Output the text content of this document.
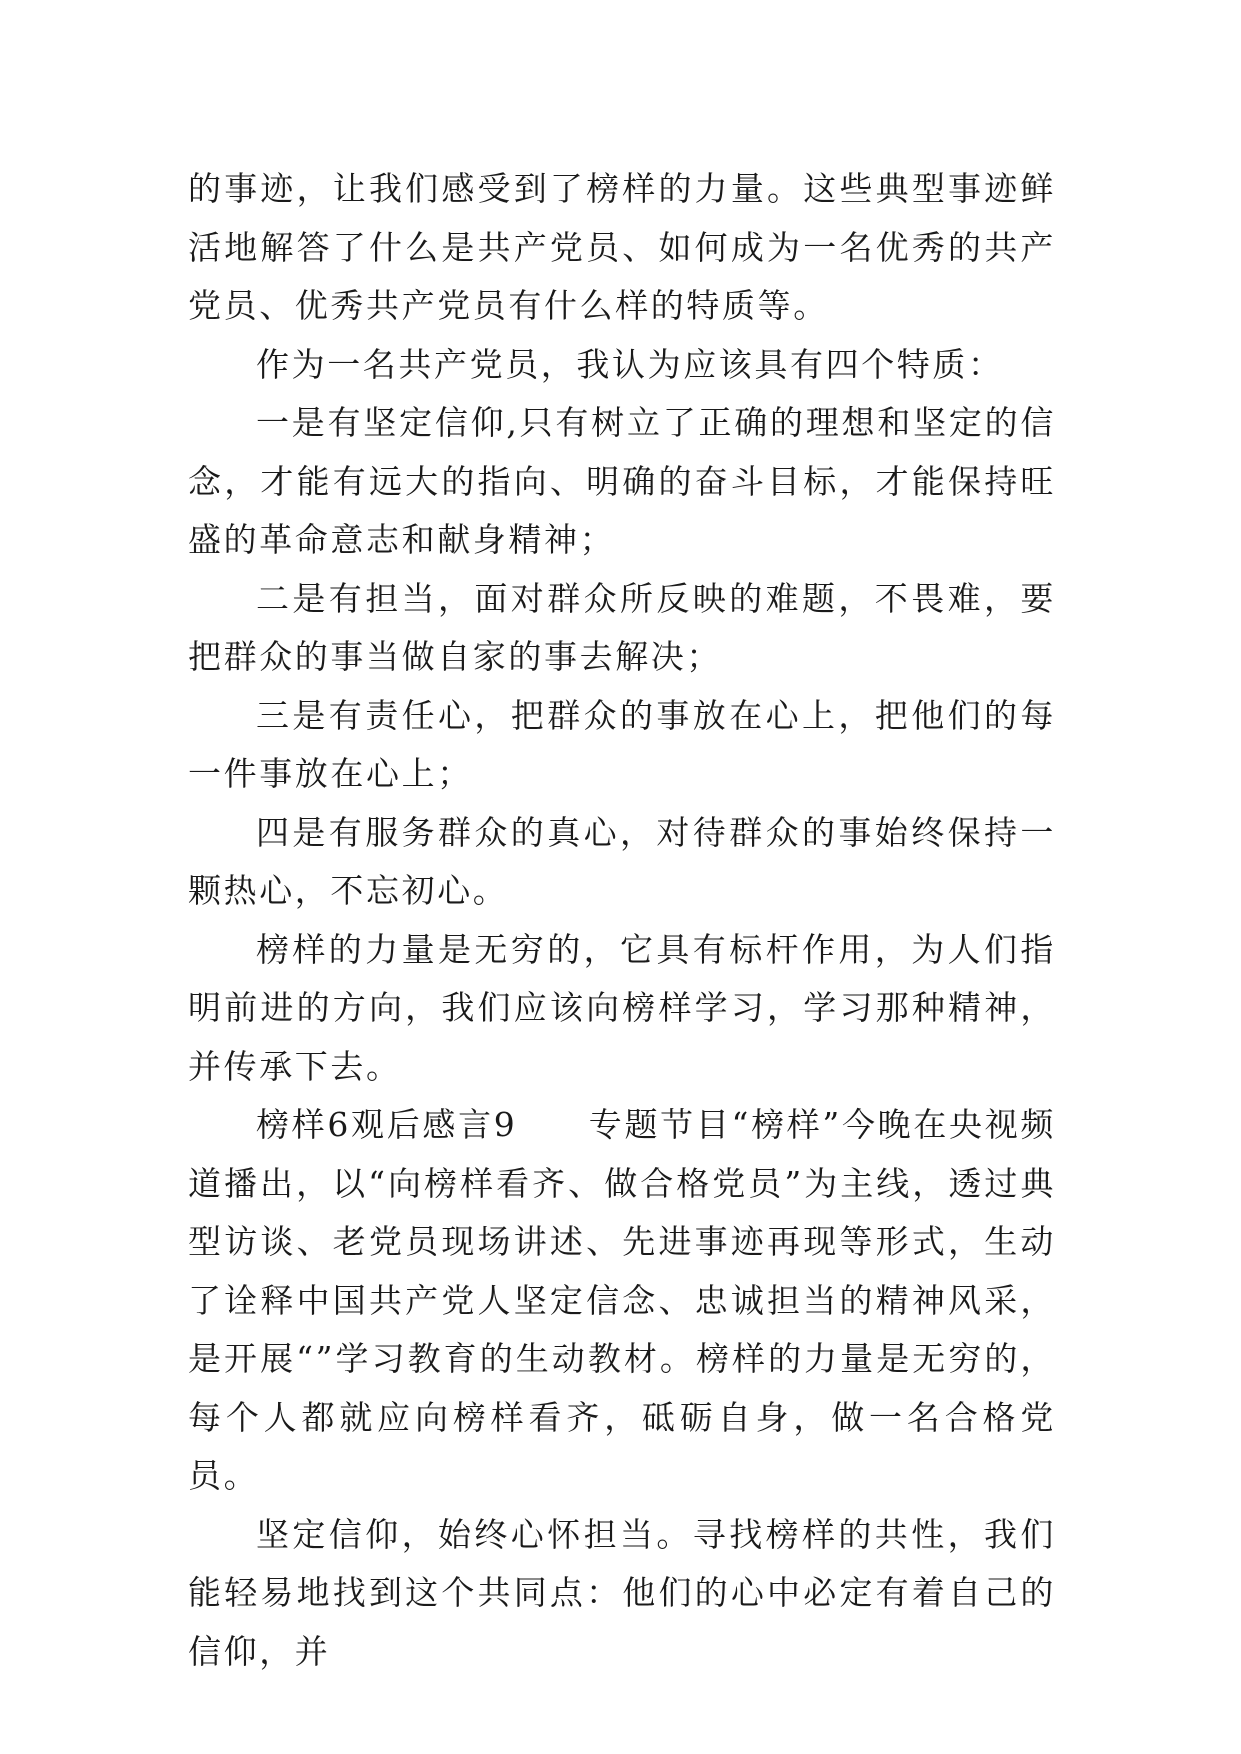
的事迹，让我们感受到了榜样的力量。这些典型事迹鲜活地解答了什么是共产党员、如何成为一名优秀的共产党员、优秀共产党员有什么样的特质等。

作为一名共产党员，我认为应该具有四个特质：

一是有坚定信仰,只有树立了正确的理想和坚定的信念，才能有远大的指向、明确的奋斗目标，才能保持旺盛的革命意志和献身精神；

二是有担当，面对群众所反映的难题，不畏难，要把群众的事当做自家的事去解决；

三是有责任心，把群众的事放在心上，把他们的每一件事放在心上；

四是有服务群众的真心，对待群众的事始终保持一颗热心，不忘初心。

榜样的力量是无穷的，它具有标杆作用，为人们指明前进的方向，我们应该向榜样学习，学习那种精神，并传承下去。

榜样6观后感言9　　专题节目“榜样”今晚在央视频道播出，以“向榜样看齐、做合格党员”为主线，透过典型访谈、老党员现场讲述、先进事迹再现等形式，生动了诠释中国共产党人坚定信念、忠诚担当的精神风采，是开展“”学习教育的生动教材。榜样的力量是无穷的，每个人都就应向榜样看齐，砥砺自身，做一名合格党员。

坚定信仰，始终心怀担当。寻找榜样的共性，我们能轻易地找到这个共同点：他们的心中必定有着自己的信仰，并
